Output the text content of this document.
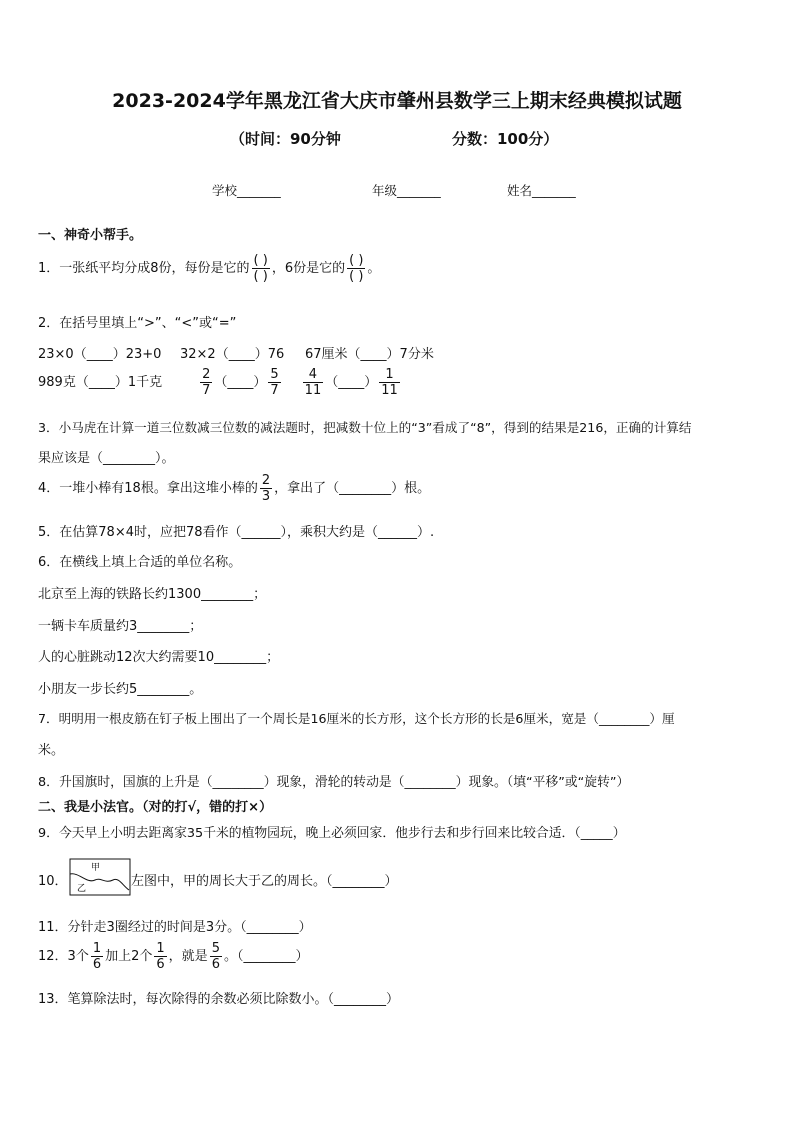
2023-2024学年黑龙江省大庆市肇州县数学三上期末经典模拟试题
（时间：90分钟	分数：100分）
学校_______	年级_______	姓名_______
一、神奇小帮手。
1．一张纸平均分成8份，每份是它的 $\frac{( )}{( )}$ ，6份是它的 $\frac{( )}{( )}$ 。
2．在括号里填上“>”、“<”或“=”
23×0（____）23+0 32×2（____）76 67厘米（____）7分米
989克（____）1千克	$\frac{2}{7}$ （____） $\frac{5}{7} \frac{4}{11}$ （____） $\frac{1}{11}$
3．小马虎在计算一道三位数减三位数的减法题时，把减数十位上的“3”看成了“8”，得到的结果是216，正确的计算结
果应该是（________）。
4．一堆小棒有18根。拿出这堆小棒的 $\frac{2}{3}$ ，拿出了（________）根。
5．在估算78×4时，应把78看作（______），乘积大约是（______）.
6．在横线上填上合适的单位名称。
北京至上海的铁路长约1300________；
一辆卡车质量约3________；
人的心脏跳动12次大约需要10________；
小朋友一步长约5________。
7．明明用一根皮筋在钉子板上围出了一个周长是16厘米的长方形，这个长方形的长是6厘米，宽是（________）厘
米。
8．升国旗时，国旗的上升是（________）现象，滑轮的转动是（________）现象。（填“平移”或“旋转”）
二、我是小法官。（对的打√，错的打×）
9．今天早上小明去距离家35千米的植物园玩，晚上必须回家．他步行去和步行回来比较合适．（_____）
10．
甲
乙	左图中，甲的周长大于乙的周长。（________）
11．分针走3圈经过的时间是3分。（________）
12．3个 $\frac{1}{6}$ 加上2个 $\frac{1}{6}$ ，就是 $\frac{5}{6}$ 。（________）
13．笔算除法时，每次除得的余数必须比除数小。（________）
